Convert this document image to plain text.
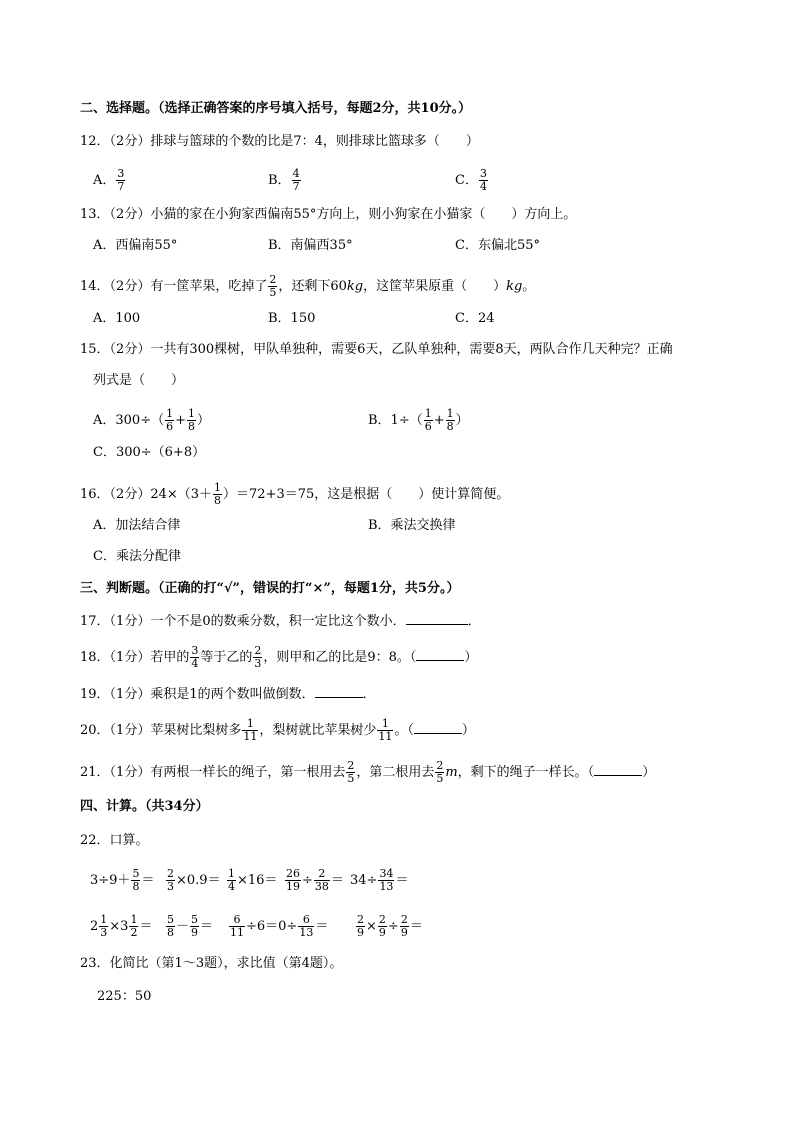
二、选择题。（选择正确答案的序号填入括号，每题2分，共10分。）
12．（2分）排球与篮球的个数的比是7：4，则排球比篮球多（　　）
A． $\frac{3}{7}$	B． $\frac{4}{7}$	C． $\frac{3}{4}$
13．（2分）小猫的家在小狗家西偏南55°方向上，则小狗家在小猫家（　　）方向上。
A．西偏南55°	B．南偏西35°	C．东偏北55°
14．（2分）有一筐苹果，吃掉了 $\frac{2}{5}$ ，还剩下60kg，这筐苹果原重（　　）kg。
A．100	B．150	C．24
15．（2分）一共有300棵树，甲队单独种，需要6天，乙队单独种，需要8天，两队合作几天种完？正确
列式是（　　）
A．$300\div( \frac{1}{6} + \frac{1}{8}$ ）	B．$1\div( \frac{1}{6} + \frac{1}{8}$ ）
C．300÷（6+8）
16．（2分）$24\times(3+ \frac{1}{8} )=72+3=75$，这是根据（　　）使计算简便。
A．加法结合律	B．乘法交换律
C．乘法分配律
三、判断题。（正确的打“√”，错误的打“×”，每题1分，共5分。）
17．（1分）一个不是0的数乘分数，积一定比这个数小．	．
18．（1分）若甲的 $\frac{3}{4}$ 等于乙的 $\frac{2}{3}$ ，则甲和乙的比是9：8。（	）
19．（1分）乘积是1的两个数叫做倒数．	．
20．（1分）苹果树比梨树多 $\frac{1}{11}$ ，梨树就比苹果树少 $\frac{1}{11}$ 。（	）
21．（1分）有两根一样长的绳子，第一根用去 $\frac{2}{5}$ ，第二根用去 $\frac{2}{5}$ m，剩下的绳子一样长。（	）
四、计算。（共34分）
22．口算。
$3\div 9+ \frac{5}{8} = \frac{2}{3} \times 0.9= \frac{1}{4} \times 16= \frac{26}{19} \div \frac{2}{38} = 34\div \frac{34}{13}$ ＝
$2 \frac{1}{3} \times 3 \frac{1}{2} = \frac{5}{8} - \frac{5}{9} = \frac{6}{11} \div 6=0\div \frac{6}{13}$ ＝	$\frac{2}{9} \times \frac{2}{9} \div \frac{2}{9}$ ＝
23．化简比（第1～3题），求比值（第4题）。
225：50
